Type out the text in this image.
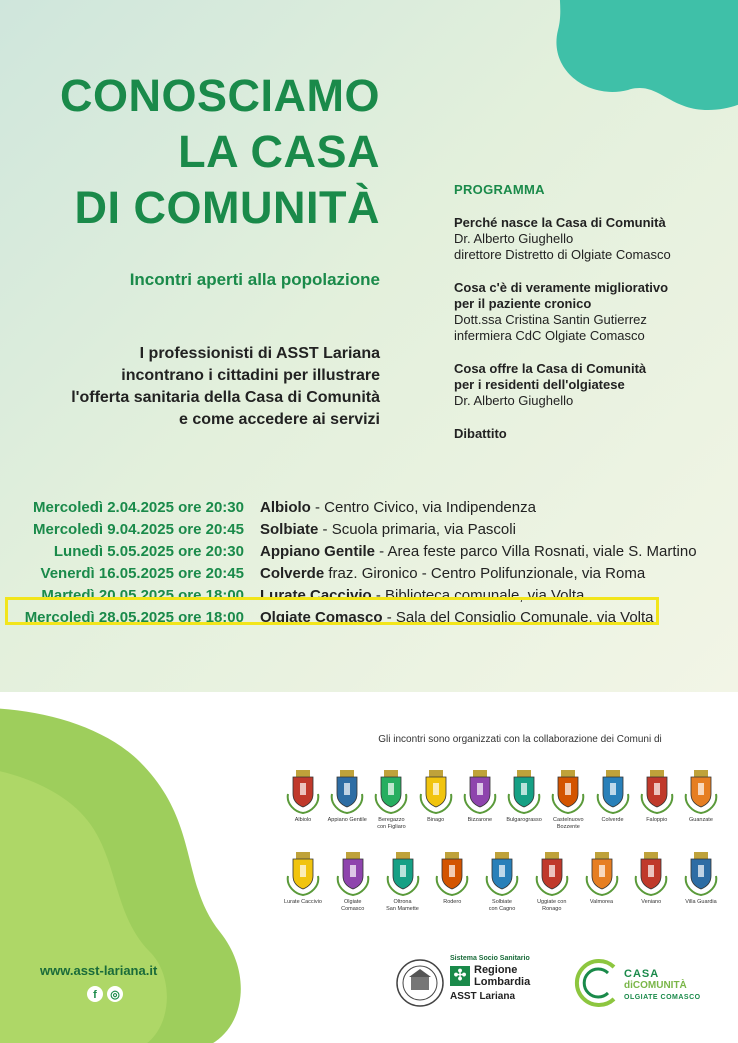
CONOSCIAMO
LA CASA
DI COMUNITÀ
Incontri aperti alla popolazione
I professionisti di ASST Lariana
incontrano i cittadini per illustrare
l'offerta sanitaria della Casa di Comunità
e come accedere ai servizi
PROGRAMMA
Perché nasce la Casa di Comunità
Dr. Alberto Giughello
direttore Distretto di Olgiate Comasco
Cosa c'è di veramente migliorativo
per il paziente cronico
Dott.ssa Cristina Santin Gutierrez
infermiera CdC Olgiate Comasco
Cosa offre la Casa di Comunità
per i residenti dell'olgiatese
Dr. Alberto Giughello
Dibattito
Mercoledì 2.04.2025 ore 20:30 Albiolo - Centro Civico, via Indipendenza
Mercoledì 9.04.2025 ore 20:45 Solbiate - Scuola primaria, via Pascoli
Lunedì 5.05.2025 ore 20:30 Appiano Gentile - Area feste parco Villa Rosnati, viale S. Martino
Venerdì 16.05.2025 ore 20:45 Colverde fraz. Gironico - Centro Polifunzionale, via Roma
Martedì 20.05.2025 ore 18:00 Lurate Caccivio - Biblioteca comunale, via Volta
Mercoledì 28.05.2025 ore 18:00 Olgiate Comasco - Sala del Consiglio Comunale, via Volta
Gli incontri sono organizzati con la collaborazione dei Comuni di
Albiolo	Appiano Gentile	Beregazzo
con Figliaro
Binago	Bizzarone	Bulgarograsso	Castelnuovo
Bozzente
Colverde	Faloppio	Guanzate
Lurate Caccivio	Olgiate Comasco
Oltrona
San Mamette
Rodero	Solbiate
con Cagno
Uggiate con Ronago
Valmorea	Veniano	Villa Guardia
www.asst-lariana.it
f	◎
Sistema Socio Sanitario
✣ Regione
Lombardia
ASST Lariana
CASA
diCOMUNITÀ
OLGIATE COMASCO
